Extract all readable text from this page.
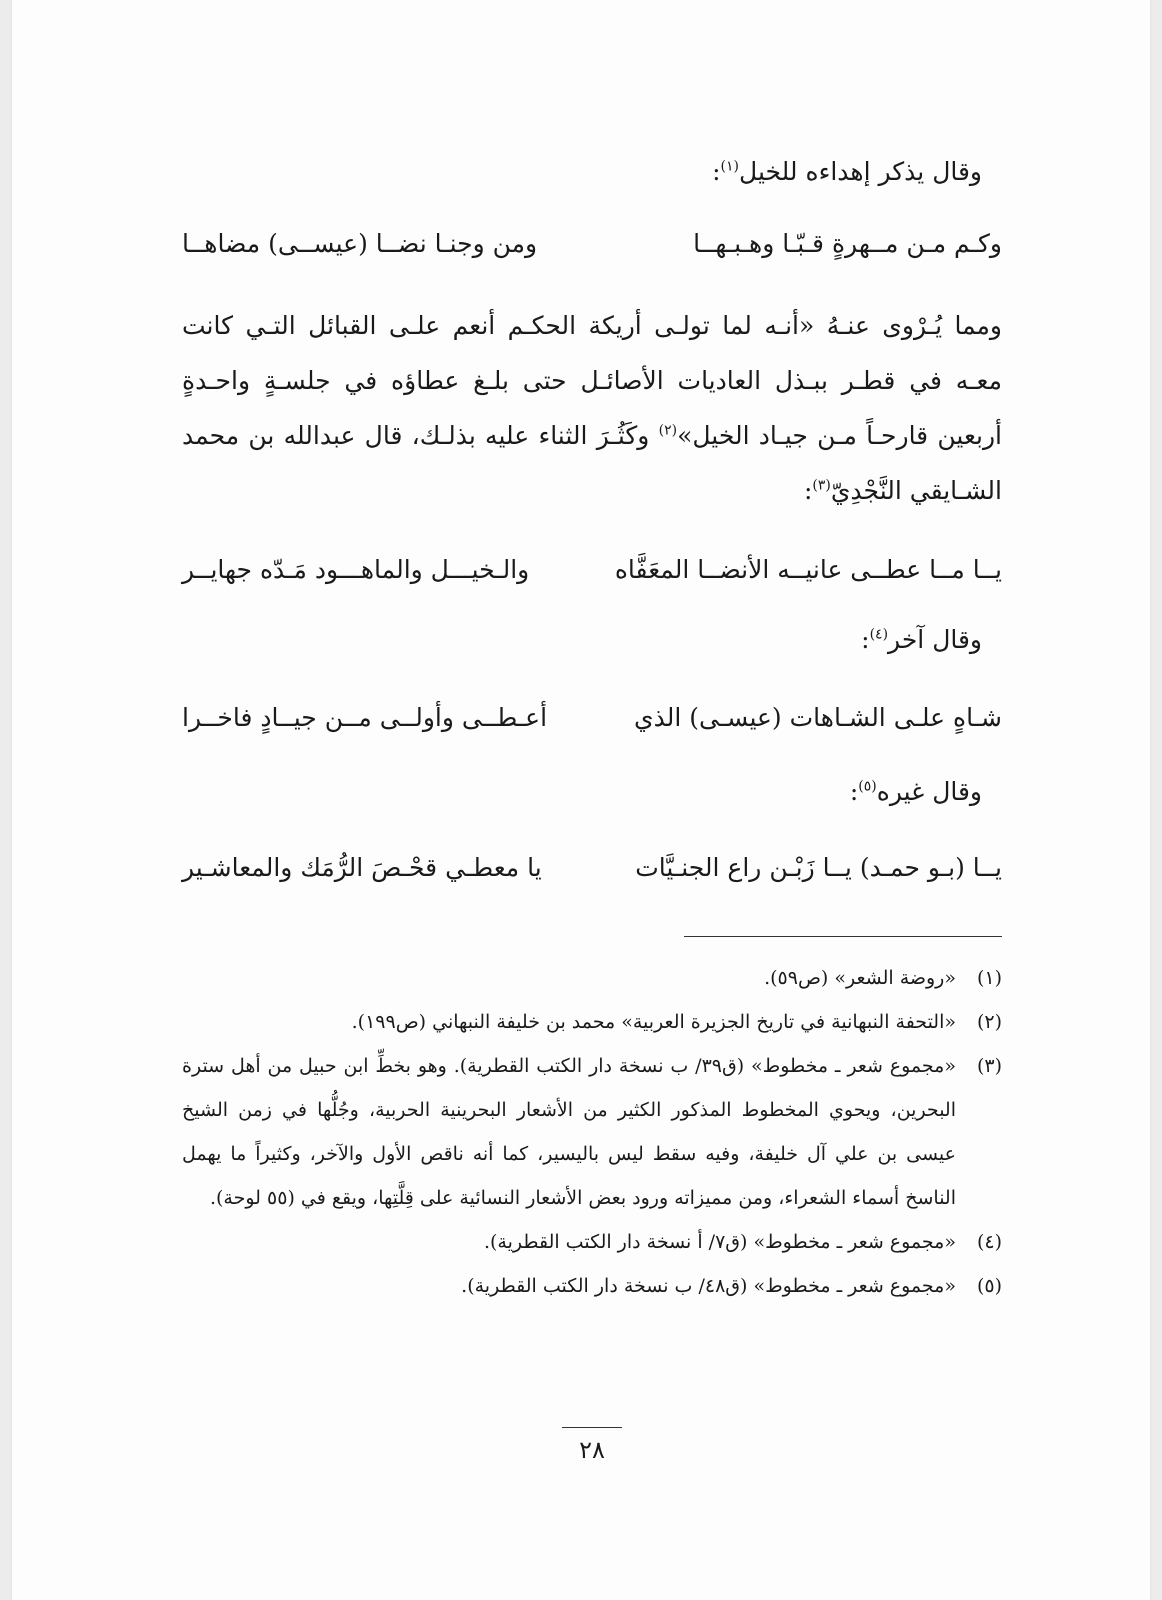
وقال يذكر إهداءه للخيل$^{(١)}$:
وكـم مـن مــهرةٍ قـبّـا وهـبـهــا
ومن وجنـا نضــا (عيســى) مضاهــا

ومما يُـرْوى عنـهُ «أنـه لما تولـى أريكة الحكـم أنعم علـى القبائل التـي كانت معـه في قطـر ببـذل العاديات الأصائـل حتى بلـغ عطاؤه في جلسـةٍ واحـدةٍ أربعين قارحـاً مـن جيـاد الخيل»$^{(٢)}$ وكَثُـرَ الثناء عليه بذلـك، قال عبدالله بن محمد الشـايقي النَّجْدِيّ$^{(٣)}$:

يــا مــا عطــى عانيــه الأنضــا المعَفَّاه
والـخيـــل والماهـــود مَـدّه جهايــر
وقال آخر$^{(٤)}$:
شـاهٍ علـى الشـاهات (عيسـى) الذي
أعـطــى وأولــى مــن جيــادٍ فاخــرا
وقال غيره$^{(٥)}$:
يــا (بـو حمـد) يــا زَبْـن راع الجنـيَّات
يا معطـي قحْـصَ الرُّمَك والمعاشـير
(١)
«روضة الشعر» (ص٥٩).
(٢)
«التحفة النبهانية في تاريخ الجزيرة العربية» محمد بن خليفة النبهاني (ص١٩٩).
(٣)
«مجموع شعر ـ مخطوط» (ق٣٩/ ب نسخة دار الكتب القطرية). وهو بخطِّ ابن حبيل من أهل سترة البحرين، ويحوي المخطوط المذكور الكثير من الأشعار البحرينية الحربية، وجُلُّها في زمن الشيخ عيسى بن علي آل خليفة، وفيه سقط ليس باليسير، كما أنه ناقص الأول والآخر، وكثيراً ما يهمل الناسخ أسماء الشعراء، ومن مميزاته ورود بعض الأشعار النسائية على قِلَّتِها، ويقع في (٥٥ لوحة).
(٤)
«مجموع شعر ـ مخطوط» (ق٧/ أ نسخة دار الكتب القطرية).
(٥)
«مجموع شعر ـ مخطوط» (ق٤٨/ ب نسخة دار الكتب القطرية).
٢٨
